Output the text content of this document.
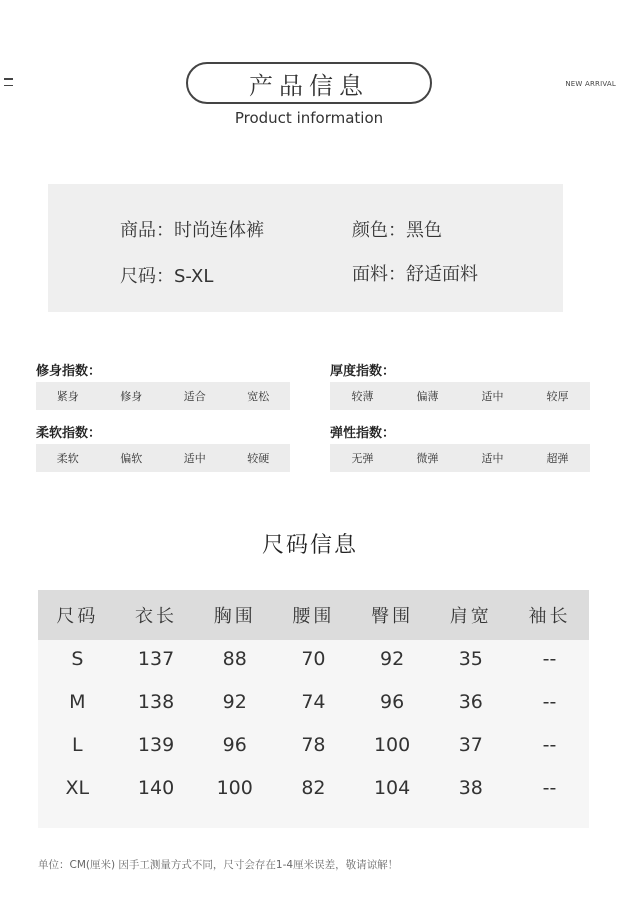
NEW ARRIVAL
产品信息
Product information
商品：时尚连体裤	颜色：黑色
尺码：S-XL	面料：舒适面料
修身指数：
紧身	修身	适合	宽松
厚度指数：
较薄	偏薄	适中	较厚
柔软指数：
柔软	偏软	适中	较硬
弹性指数：
无弹	微弹	适中	超弹
尺码信息
尺码	衣长	胸围	腰围	臀围	肩宽	袖长
S	137	88	70	92	35	--
M	138	92	74	96	36	--
L	139	96	78	100	37	--
XL	140	100	82	104	38	--
单位：CM(厘米) 因手工测量方式不同，尺寸会存在1-4厘米误差，敬请谅解！
